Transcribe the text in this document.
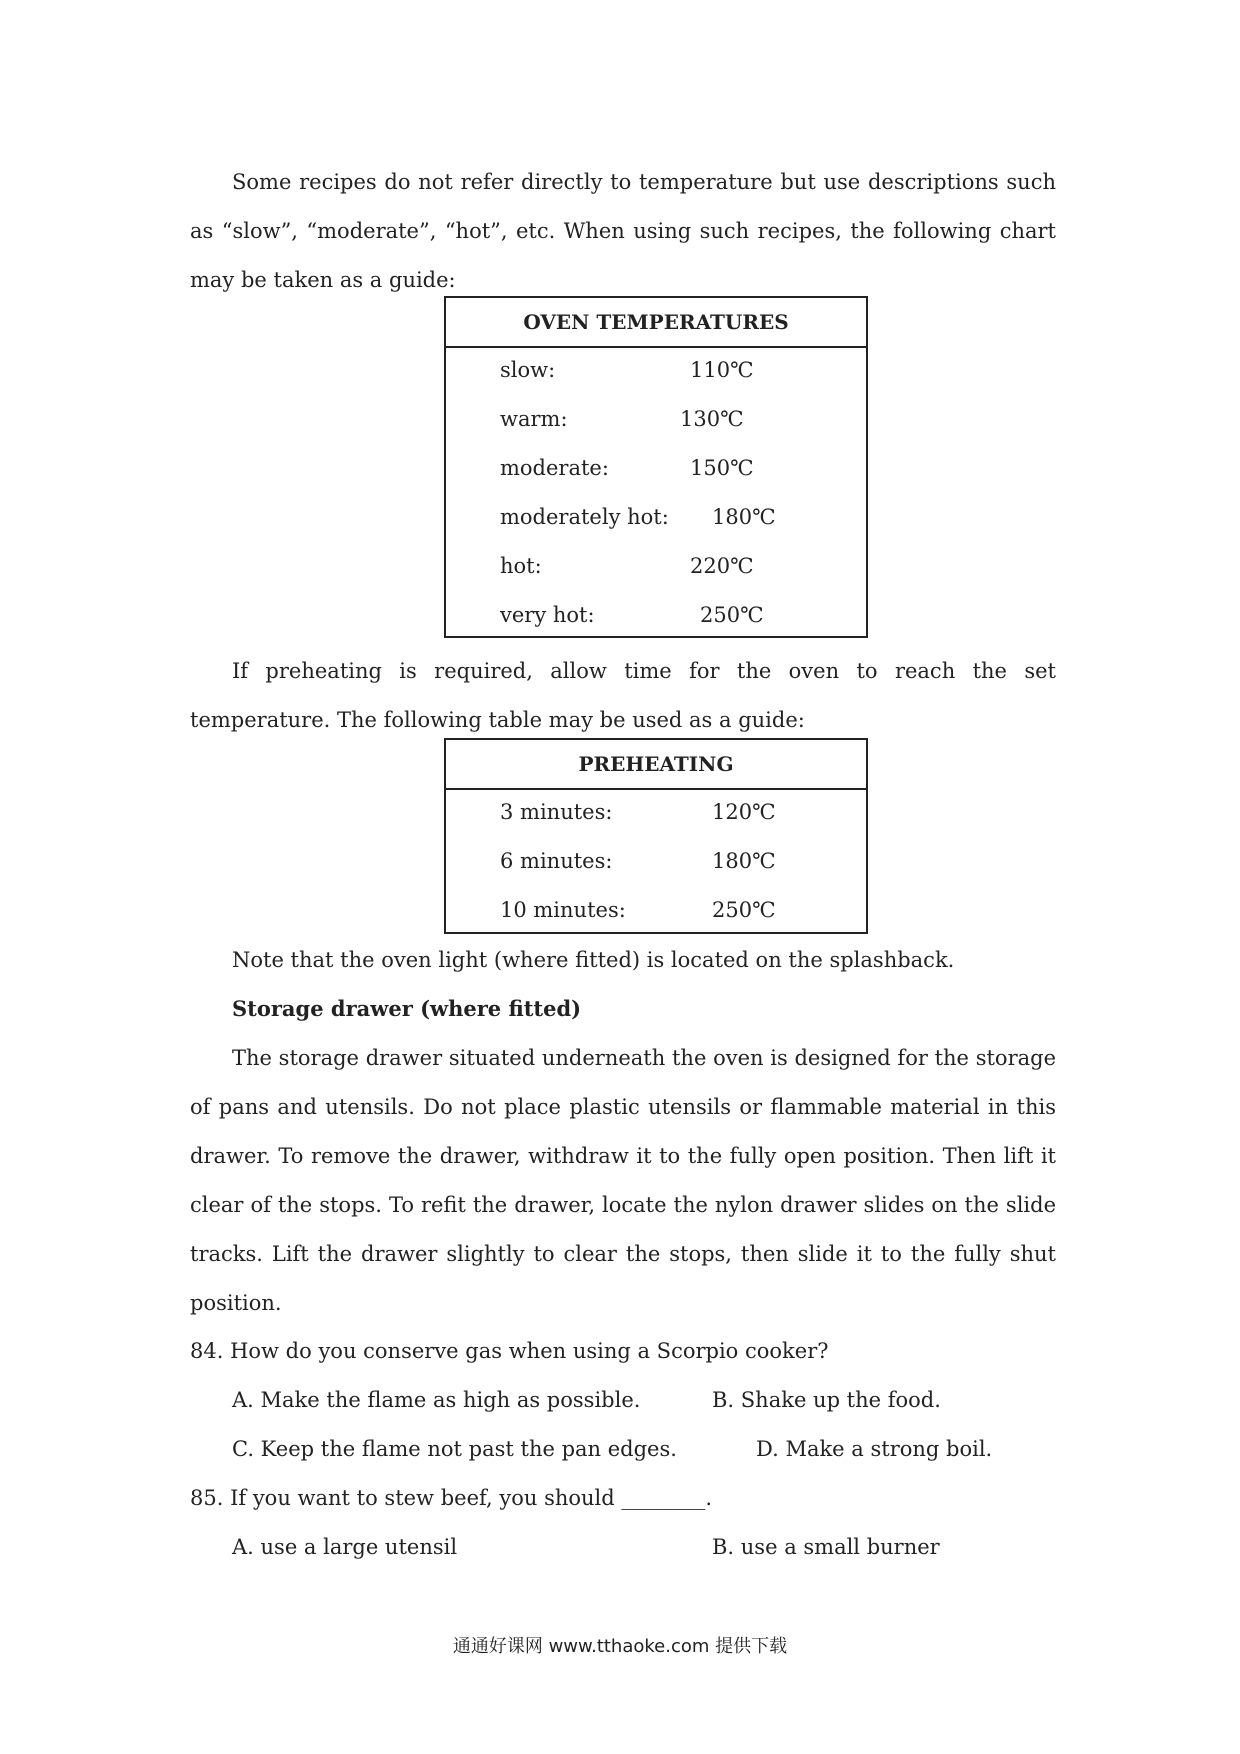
Some recipes do not refer directly to temperature but use descriptions such as “slow”, “moderate”, “hot”, etc. When using such recipes, the following chart may be taken as a guide:

OVEN TEMPERATURES
slow:	110℃
warm:	130℃
moderate:	150℃
moderately hot: 180℃
hot:	220℃
very hot:	250℃

If preheating is required, allow time for the oven to reach the set temperature. The following table may be used as a guide:

PREHEATING
3 minutes:	120℃
6 minutes:	180℃
10 minutes:	250℃
Note that the oven light (where fitted) is located on the splashback.
Storage drawer (where fitted)

The storage drawer situated underneath the oven is designed for the storage of pans and utensils. Do not place plastic utensils or flammable material in this drawer. To remove the drawer, withdraw it to the fully open position. Then lift it clear of the stops. To refit the drawer, locate the nylon drawer slides on the slide tracks. Lift the drawer slightly to clear the stops, then slide it to the fully shut position.

84. How do you conserve gas when using a Scorpio cooker?
A. Make the flame as high as possible.	B. Shake up the food.
C. Keep the flame not past the pan edges.	D. Make a strong boil.
85. If you want to stew beef, you should ________.
A. use a large utensil	B. use a small burner
通通好课网 www.tthaoke.com 提供下载
